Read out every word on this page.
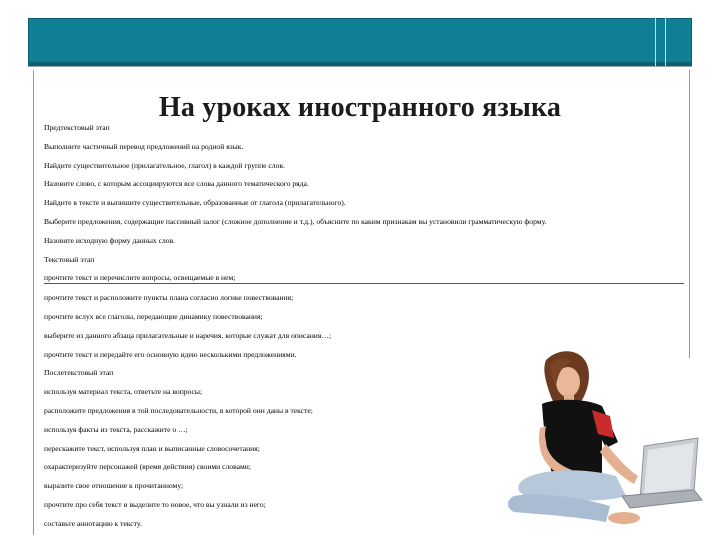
На уроках иностранного языка
Предтекстовый этап
Выполните частичный перевод предложений на родной язык.
Найдите существительное (прилагательное, глагол) в каждой группе слов.
Назовите слово, с которым ассоциируются все слова данного тематического ряда.
Найдите в тексте и выпишите существительные, образованные от глагола (прилагательного).
Выберите предложения, содержащие пассивный залог (сложное дополнение и т.д.), объясните по каким признакам вы установили грамматическую форму.
Назовите исходную форму данных слов.
Текстовый этап
прочтите текст и перечислите вопросы, освещаемые в нем;
прочтите текст и расположите пункты плана согласно логике повествования;
прочтите вслух все глаголы, передающие динамику повествования;
выберите из данного абзаца прилагательные и наречия, которые служат для описания…;
прочтите текст и передайте его основную идею несколькими предложениями.
Послетекстовый этап
используя материал текста, ответьте на вопросы;
расположите предложения в той последовательности, в которой они даны в тексте;
используя факты из текста, расскажите о …;
перескажите текст, используя план и выписанные словосочетания;
охарактеризуйте персонажей (время действия) своими словами;
выразите свое отношение к прочитанному;
прочтите про себя текст и выделите то новое, что вы узнали из него;
составьте аннотацию к тексту.
